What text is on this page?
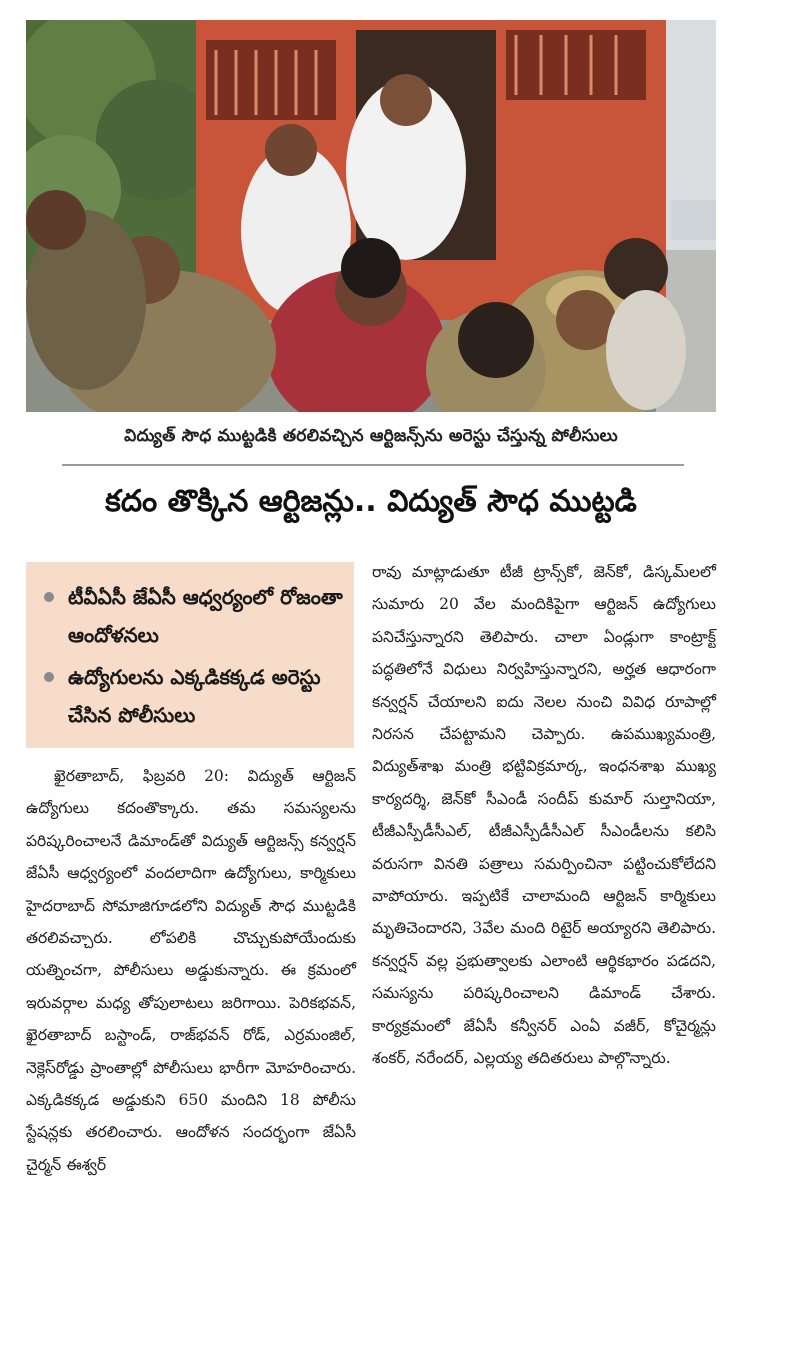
విద్యుత్ సౌధ ముట్టడికి తరలివచ్చిన ఆర్టిజన్స్‌ను అరెస్టు చేస్తున్న పోలీసులు
కదం తొక్కిన ఆర్టిజన్లు.. విద్యుత్ సౌధ ముట్టడి
టీవీఏసీ జేఏసీ ఆధ్వర్యంలో రోజంతా ఆందోళనలు
ఉద్యోగులను ఎక్కడికక్కడ అరెస్టు చేసిన పోలీసులు

ఖైరతాబాద్, ఫిబ్రవరి 20: విద్యుత్ ఆర్టిజన్ ఉద్యోగులు కదంతొక్కారు. తమ సమస్యలను పరిష్కరించాలనే డిమాండ్‌తో విద్యుత్ ఆర్టిజన్స్ కన్వర్షన్ జేఏసీ ఆధ్వర్యంలో వందలాదిగా ఉద్యోగులు, కార్మికులు హైదరాబాద్ సోమాజిగూడలోని విద్యుత్ సౌధ ముట్టడికి తరలివచ్చారు. లోపలికి చొచ్చుకుపోయేందుకు యత్నించగా, పోలీసులు అడ్డుకున్నారు. ఈ క్రమంలో ఇరువర్గాల మధ్య తోపులాటలు జరిగాయి. పెరికభవన్, ఖైరతాబాద్ బస్టాండ్, రాజ్‌భవన్ రోడ్, ఎర్రమంజిల్, నెక్లెస్‌రోడ్డు ప్రాంతాల్లో పోలీసులు భారీగా మోహరించారు. ఎక్కడికక్కడ అడ్డుకుని 650 మందిని 18 పోలీసు స్టేషన్లకు తరలించారు. ఆందోళన సందర్భంగా జేఏసీ చైర్మన్ ఈశ్వర్

రావు మాట్లాడుతూ టీజీ ట్రాన్స్‌కో, జెన్‌కో, డిస్కమ్‌లలో సుమారు 20 వేల మందికిపైగా ఆర్టిజన్ ఉద్యోగులు పనిచేస్తున్నారని తెలిపారు. చాలా ఏండ్లుగా కాంట్రాక్ట్ పద్ధతిలోనే విధులు నిర్వహిస్తున్నారని, అర్హత ఆధారంగా కన్వర్షన్ చేయాలని ఐదు నెలల నుంచి వివిధ రూపాల్లో నిరసన చేపట్టామని చెప్పారు. ఉపముఖ్యమంత్రి, విద్యుత్‌శాఖ మంత్రి భట్టివిక్రమార్క, ఇంధనశాఖ ముఖ్య కార్యదర్శి, జెన్‌కో సీఎండీ సందీప్ కుమార్ సుల్తానియా, టీజీఎస్పీడీసీఎల్, టీజీఎస్పీడీసీఎల్ సీఎండీలను కలిసి వరుసగా వినతి పత్రాలు సమర్పించినా పట్టించుకోలేదని వాపోయారు. ఇప్పటికే చాలామంది ఆర్టిజన్ కార్మికులు మృతిచెందారని, 3వేల మంది రిటైర్ అయ్యారని తెలిపారు. కన్వర్షన్ వల్ల ప్రభుత్వాలకు ఎలాంటి ఆర్థికభారం పడదని, సమస్యను పరిష్కరించాలని డిమాండ్ చేశారు. కార్యక్రమంలో జేఏసీ కన్వీనర్ ఎంఏ వజీర్, కోచైర్మన్లు శంకర్, నరేందర్, ఎల్లయ్య తదితరులు పాల్గొన్నారు.
